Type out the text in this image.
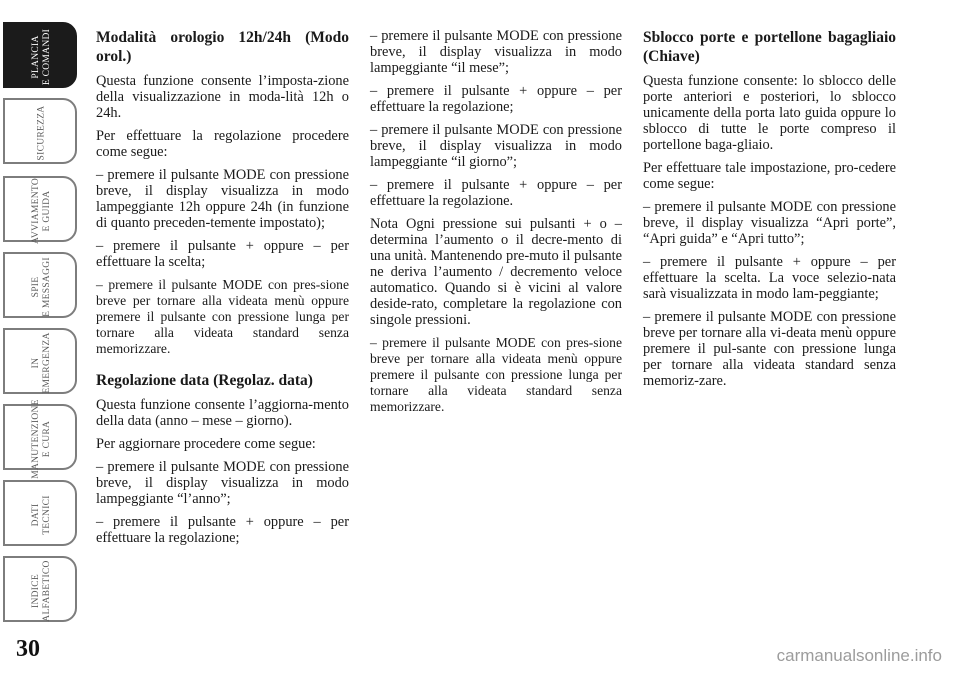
PLANCIA E COMANDI
SICUREZZA
AVVIAMENTO E GUIDA
SPIE E MESSAGGI
IN EMERGENZA
MANUTENZIONE E CURA
DATI TECNICI
INDICE ALFABETICO
30
Modalità orologio 12h/24h (Modo orol.)

Questa funzione consente l’imposta-zione della visualizzazione in moda-lità 12h o 24h.

Per effettuare la regolazione procedere come segue:

– premere il pulsante MODE con pressione breve, il display visualizza in modo lampeggiante 12h oppure 24h (in funzione di quanto preceden-temente impostato);

– premere il pulsante + oppure – per effettuare la scelta;

– premere il pulsante MODE con pres-sione breve per tornare alla videata menù oppure premere il pulsante con pressione lunga per tornare alla videata standard senza memorizzare.

Regolazione data (Regolaz. data)

Questa funzione consente l’aggiorna-mento della data (anno – mese – giorno).

Per aggiornare procedere come segue:

– premere il pulsante MODE con pressione breve, il display visualizza in modo lampeggiante “l’anno”;

– premere il pulsante + oppure – per effettuare la regolazione;

– premere il pulsante MODE con pressione breve, il display visualizza in modo lampeggiante “il mese”;

– premere il pulsante + oppure – per effettuare la regolazione;

– premere il pulsante MODE con pressione breve, il display visualizza in modo lampeggiante “il giorno”;

– premere il pulsante + oppure – per effettuare la regolazione.

Nota Ogni pressione sui pulsanti + o – determina l’aumento o il decre-mento di una unità. Mantenendo pre-muto il pulsante ne deriva l’aumento / decremento veloce automatico. Quando si è vicini al valore deside-rato, completare la regolazione con singole pressioni.

– premere il pulsante MODE con pres-sione breve per tornare alla videata menù oppure premere il pulsante con pressione lunga per tornare alla videata standard senza memorizzare.

Sblocco porte e portellone bagagliaio (Chiave)

Questa funzione consente: lo sblocco delle porte anteriori e posteriori, lo sblocco unicamente della porta lato guida oppure lo sblocco di tutte le porte compreso il portellone baga-gliaio.

Per effettuare tale impostazione, pro-cedere come segue:

– premere il pulsante MODE con pressione breve, il display visualizza “Apri porte”, “Apri guida” e “Apri tutto”;

– premere il pulsante + oppure – per effettuare la scelta. La voce selezio-nata sarà visualizzata in modo lam-peggiante;

– premere il pulsante MODE con pressione breve per tornare alla vi-deata menù oppure premere il pul-sante con pressione lunga per tornare alla videata standard senza memoriz-zare.

carmanualsonline.info
